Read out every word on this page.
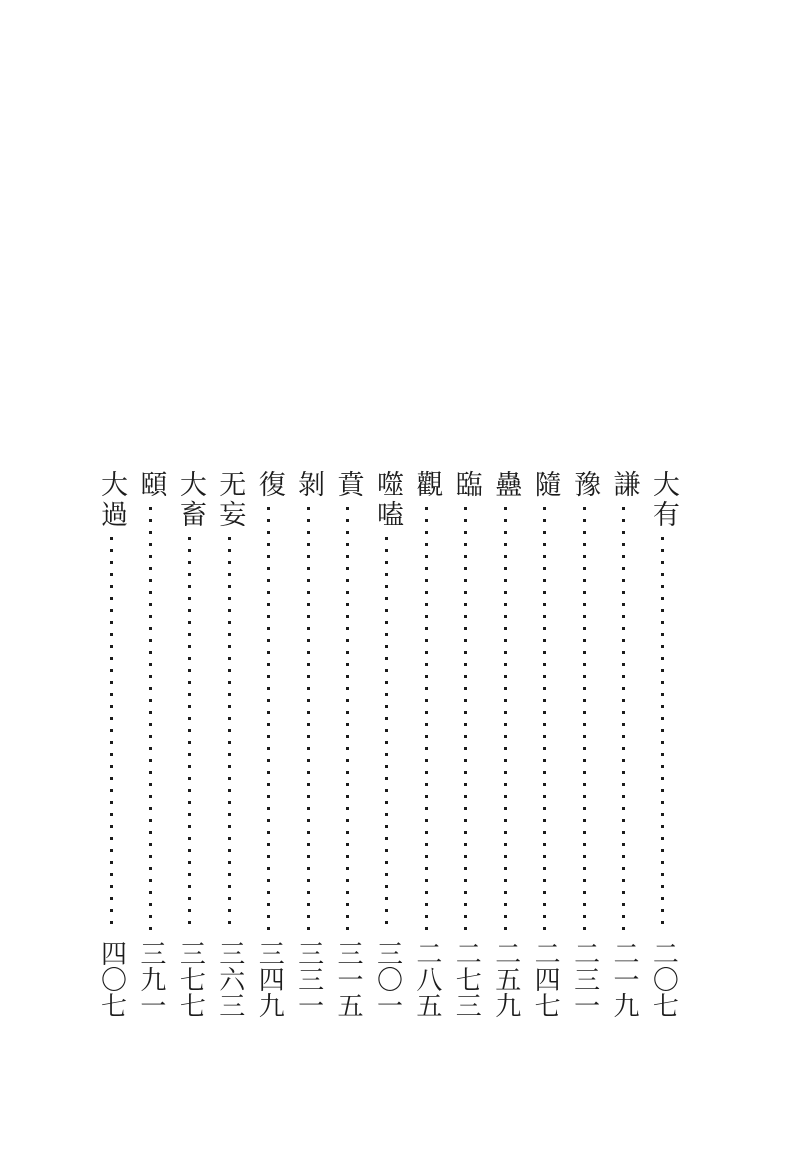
大有
二〇七
謙
二一九
豫
二三一
隨
二四七
蠱
二五九
臨
二七三
觀
二八五
噬嗑
三〇一
賁
三一五
剝
三三一
復
三四九
无妄
三六三
大畜
三七七
頤
三九一
大過
四〇七
